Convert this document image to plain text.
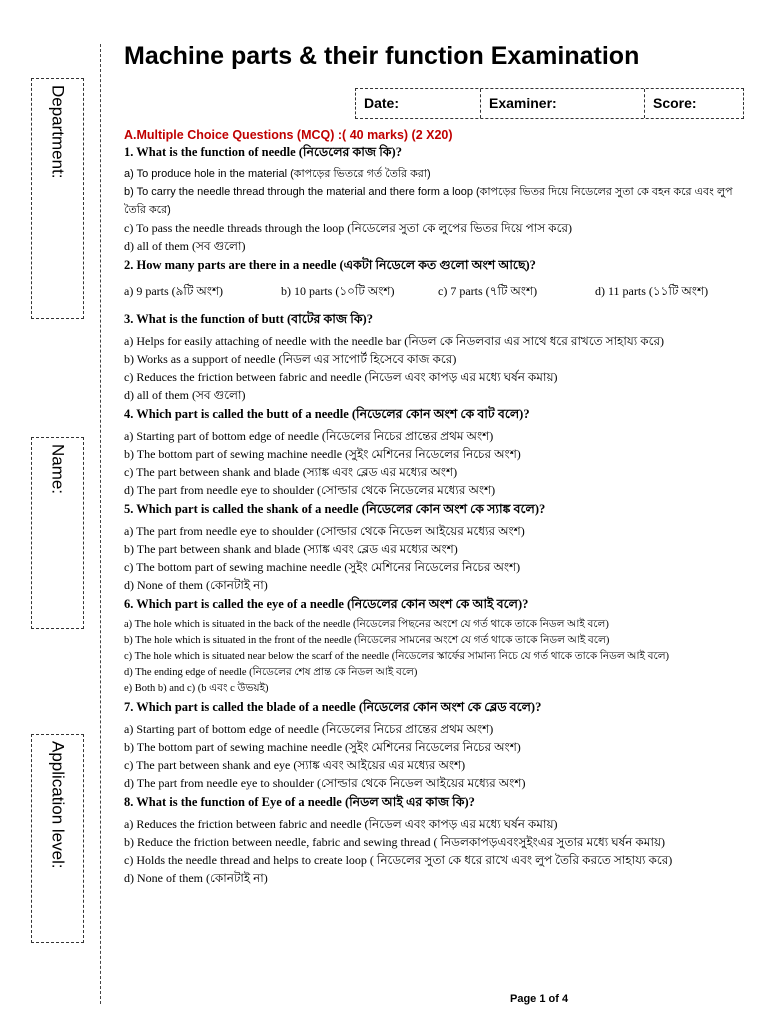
Department:
Name:
Application level:
Machine parts & their function Examination
Date:	Examiner:	Score:
A.Multiple Choice Questions (MCQ) :( 40 marks) (2 X20)
1. What is the function of needle (নিডেলের কাজ কি)?
a) To produce hole in the material (কাপড়ের ভিতরে গর্ত তৈরি করা)
b) To carry the needle thread through the material and there form a loop (কাপড়ের ভিতর দিয়ে নিডেলের সুতা কে বহন করে এবং লুপ তৈরি করে)
c) To pass the needle threads through the loop (নিডেলের সুতা কে লুপের ভিতর দিয়ে পাস করে)
d) all of them (সব গুলো)
2. How many parts are there in a needle (একটা নিডেলে কত গুলো অংশ আছে)?
a) 9 parts (৯টি অংশ)	b) 10 parts (১০টি অংশ)	c) 7 parts (৭টি অংশ)	d) 11 parts (১১টি অংশ)
3. What is the function of butt (বাটের কাজ কি)?
a) Helps for easily attaching of needle with the needle bar (নিডল কে নিডলবার এর সাথে ধরে রাখতে সাহায্য করে)
b) Works as a support of needle (নিডল এর সাপোর্ট হিসেবে কাজ করে)
c) Reduces the friction between fabric and needle (নিডেল এবং কাপড় এর মধ্যে ঘর্ষন কমায়)
d) all of them (সব গুলো)
4. Which part is called the butt of a needle (নিডেলের কোন অংশ কে বাট বলে)?
a) Starting part of bottom edge of needle (নিডেলের নিচের প্রান্তের প্রথম অংশ)
b) The bottom part of sewing machine needle (সুইং মেশিনের নিডেলের নিচের অংশ)
c) The part between shank and blade (স্যাঙ্ক এবং ব্লেড এর মধ্যের অংশ)
d) The part from needle eye to shoulder (সোল্ডার থেকে নিডেলের মধ্যের অংশ)
5. Which part is called the shank of a needle (নিডেলের কোন অংশ কে স্যাঙ্ক বলে)?
a) The part from needle eye to shoulder (সোল্ডার থেকে নিডেল আইয়ের মধ্যের অংশ)
b) The part between shank and blade (স্যাঙ্ক এবং ব্লেড এর মধ্যের অংশ)
c) The bottom part of sewing machine needle (সুইং মেশিনের নিডেলের নিচের অংশ)
d) None of them (কোনটাই না)
6. Which part is called the eye of a needle (নিডেলের কোন অংশ কে আই বলে)?
a) The hole which is situated in the back of the needle (নিডেলের পিছনের অংশে যে গর্ত থাকে তাকে নিডল আই বলে)
b) The hole which is situated in the front of the needle (নিডেলের সামনের অংশে যে গর্ত থাকে তাকে নিডল আই বলে)
c) The hole which is situated near below the scarf of the needle (নিডেলের স্কার্ফের সামান্য নিচে যে গর্ত থাকে তাকে নিডল আই বলে)
d) The ending edge of needle (নিডেলের শেষ প্রান্ত কে নিডল আই বলে)
e) Both b) and c) (b এবং c উভয়ই)
7. Which part is called the blade of a needle (নিডেলের কোন অংশ কে ব্লেড বলে)?
a) Starting part of bottom edge of needle (নিডেলের নিচের প্রান্তের প্রথম অংশ)
b) The bottom part of sewing machine needle (সুইং মেশিনের নিডেলের নিচের অংশ)
c) The part between shank and eye (স্যাঙ্ক এবং আইয়ের এর মধ্যের অংশ)
d) The part from needle eye to shoulder (সোল্ডার থেকে নিডেল আইয়ের মধ্যের অংশ)
8. What is the function of Eye of a needle (নিডল আই এর কাজ কি)?
a) Reduces the friction between fabric and needle (নিডেল এবং কাপড় এর মধ্যে ঘর্ষন কমায়)
b) Reduce the friction between needle, fabric and sewing thread ( নিডলকাপড়এবংসুইংএর সুতার মধ্যে ঘর্ষন কমায়)
c) Holds the needle thread and helps to create loop ( নিডেলের সুতা কে ধরে রাখে এবং লুপ তৈরি করতে সাহায্য করে)
d) None of them (কোনটাই না)
Page 1 of 4
